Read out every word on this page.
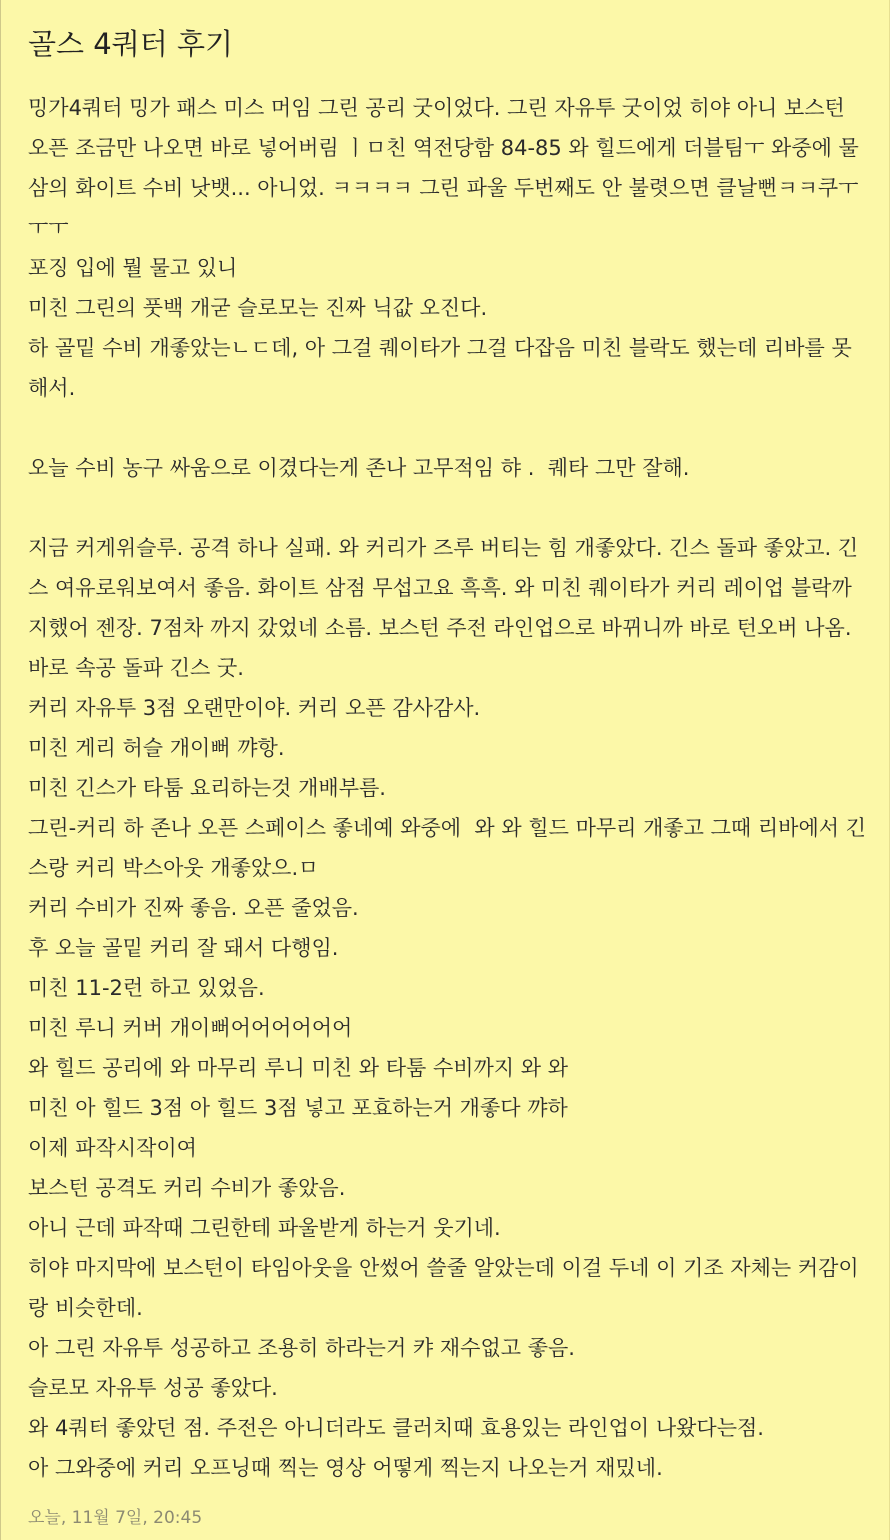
골스 4쿼터 후기

밍가4쿼터 밍가 패스 미스 머임 그린 공리 굿이었다. 그린 자유투 굿이었 히야 아니 보스턴 오픈 조금만 나오면 바로 넣어버림 ㅣㅁ친 역전당함 84-85 와 힐드에게 더블팀ㅜ 와중에 물삼의 화이트 수비 낫뱃... 아니었. ㅋㅋㅋㅋ 그린 파울 두번째도 안 불렷으면 클날뻔ㅋㅋ쿠ㅜㅜㅜ

포징 입에 뭘 물고 있니

미친 그린의 풋백 개굳 슬로모는 진짜 닉값 오진다.

하 골밑 수비 개좋았는ㄴㄷ데, 아 그걸 퀘이타가 그걸 다잡음 미친 블락도 했는데 리바를 못해서.

오늘 수비 농구 싸움으로 이겼다는게 존나 고무적임 햐 .  퀘타 그만 잘해.

지금 커게위슬루. 공격 하나 실패. 와 커리가 즈루 버티는 힘 개좋았다. 긴스 돌파 좋았고. 긴스 여유로워보여서 좋음. 화이트 삼점 무섭고요 흑흑. 와 미친 퀘이타가 커리 레이업 블락까지했어 젠장. 7점차 까지 갔었네 소름. 보스턴 주전 라인업으로 바뀌니까 바로 턴오버 나옴. 바로 속공 돌파 긴스 굿.

커리 자유투 3점 오랜만이야. 커리 오픈 감사감사.

미친 게리 허슬 개이뻐 꺄항.

미친 긴스가 타툼 요리하는것 개배부름.

그린-커리 하 존나 오픈 스페이스 좋네예 와중에  와 와 힐드 마무리 개좋고 그때 리바에서 긴스랑 커리 박스아웃 개좋았으.ㅁ

커리 수비가 진짜 좋음. 오픈 줄었음.

후 오늘 골밑 커리 잘 돼서 다행임.

미친 11-2런 하고 있었음.

미친 루니 커버 개이뻐어어어어어어

와 힐드 공리에 와 마무리 루니 미친 와 타툼 수비까지 와 와

미친 아 힐드 3점 아 힐드 3점 넣고 포효하는거 개좋다 꺄하

이제 파작시작이여

보스턴 공격도 커리 수비가 좋았음.

아니 근데 파작때 그린한테 파울받게 하는거 웃기네.

히야 마지막에 보스턴이 타임아웃을 안썼어 쓸줄 알았는데 이걸 두네 이 기조 자체는 커감이랑 비슷한데.

아 그린 자유투 성공하고 조용히 하라는거 캬 재수없고 좋음.

슬로모 자유투 성공 좋았다.

와 4쿼터 좋았던 점. 주전은 아니더라도 클러치때 효용있는 라인업이 나왔다는점.

아 그와중에 커리 오프닝때 찍는 영상 어떻게 찍는지 나오는거 재밌네.

오늘, 11월 7일, 20:45
